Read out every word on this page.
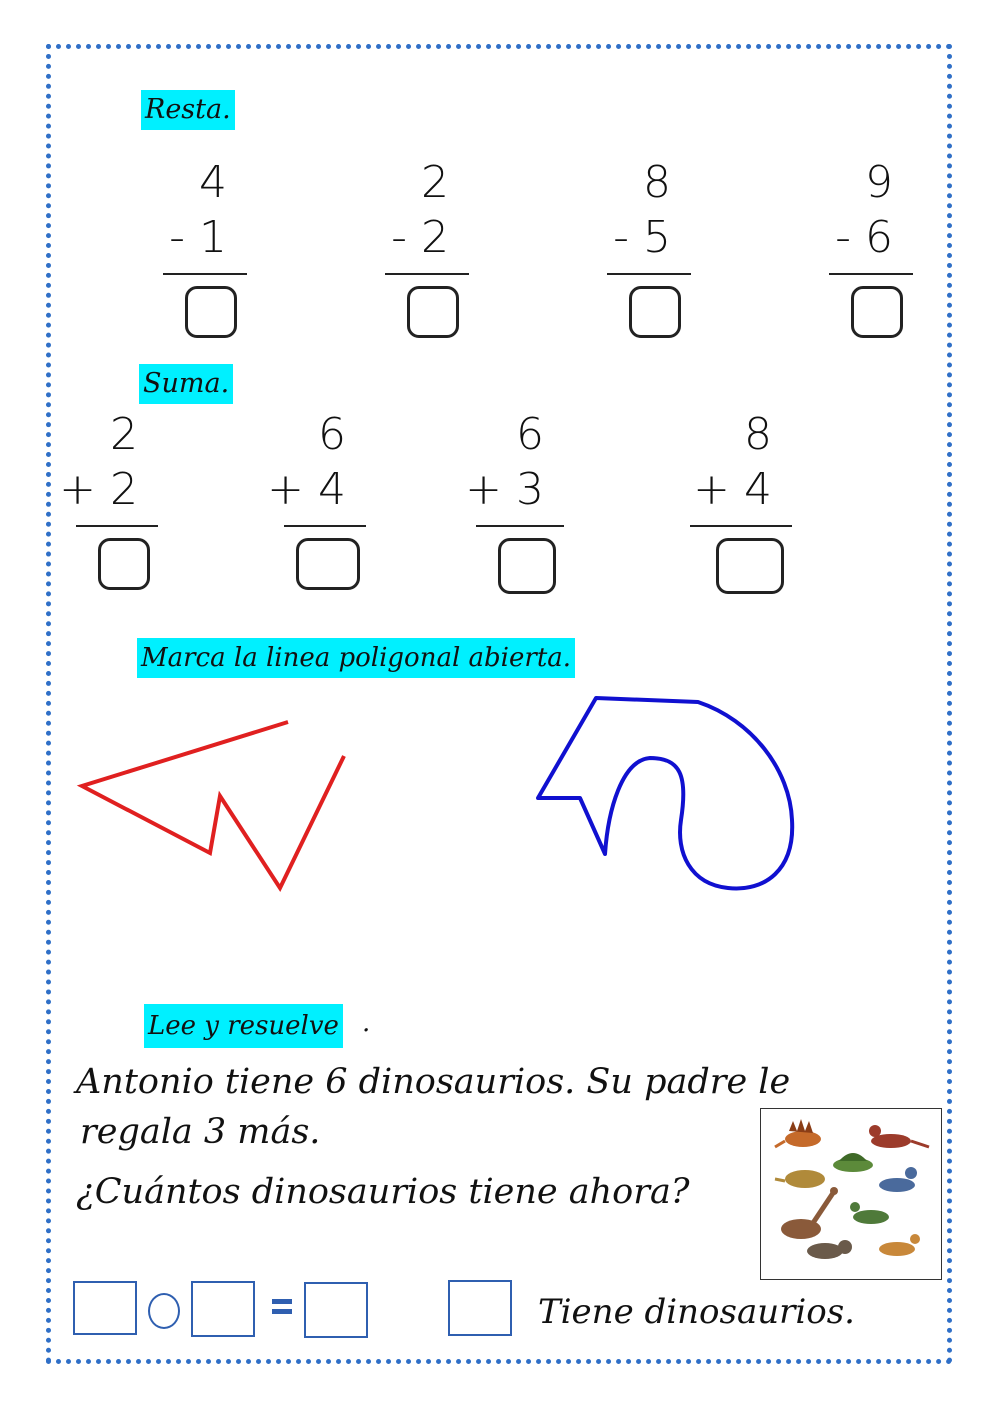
Resta.
4
- 1
2
- 2
8
- 5
9
- 6
Suma.
2
+ 2
6
+ 4
6
+ 3
8
+ 4
Marca la linea poligonal abierta.
Lee y resuelve .
Antonio tiene 6 dinosaurios. Su padre le
regala 3 más.
¿Cuántos dinosaurios tiene ahora?
Tiene dinosaurios.
